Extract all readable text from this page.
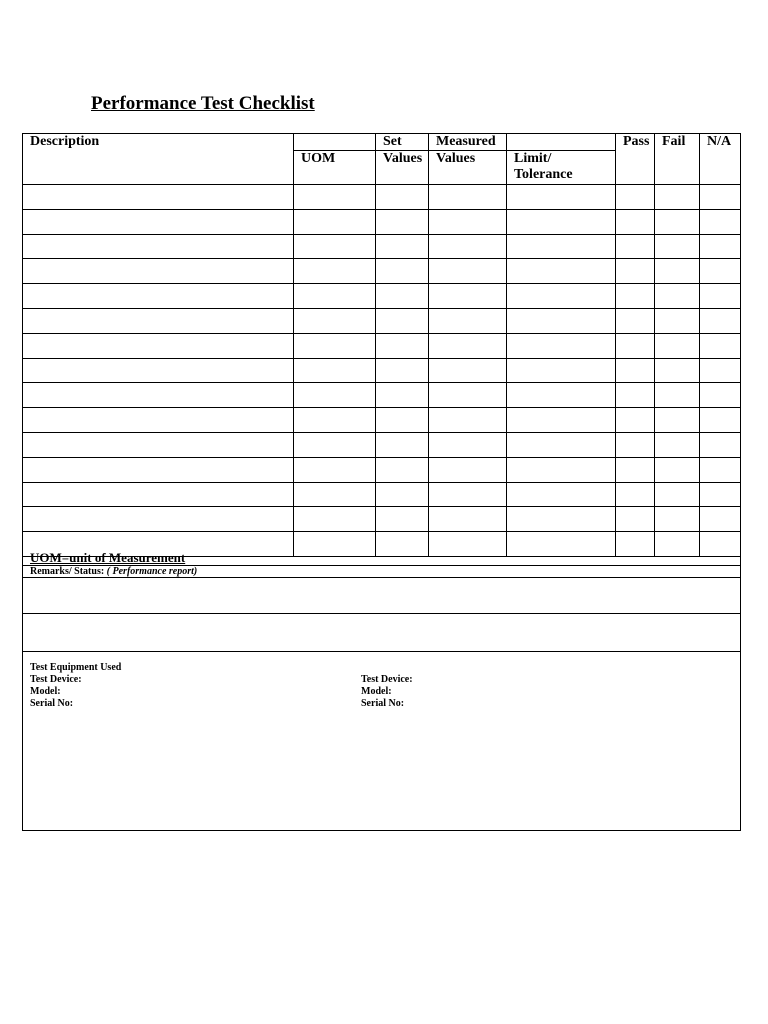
Performance Test Checklist
Description		Set	Measured		Pass	Fail	N/A
	UOM	Values	Values	Limit/
Tolerance			

UOM=unit of Measurement
Remarks/ Status: ( Performance report)
Test Equipment Used
Test Device:
Model:
Serial No:
Test Device:
Model:
Serial No:
